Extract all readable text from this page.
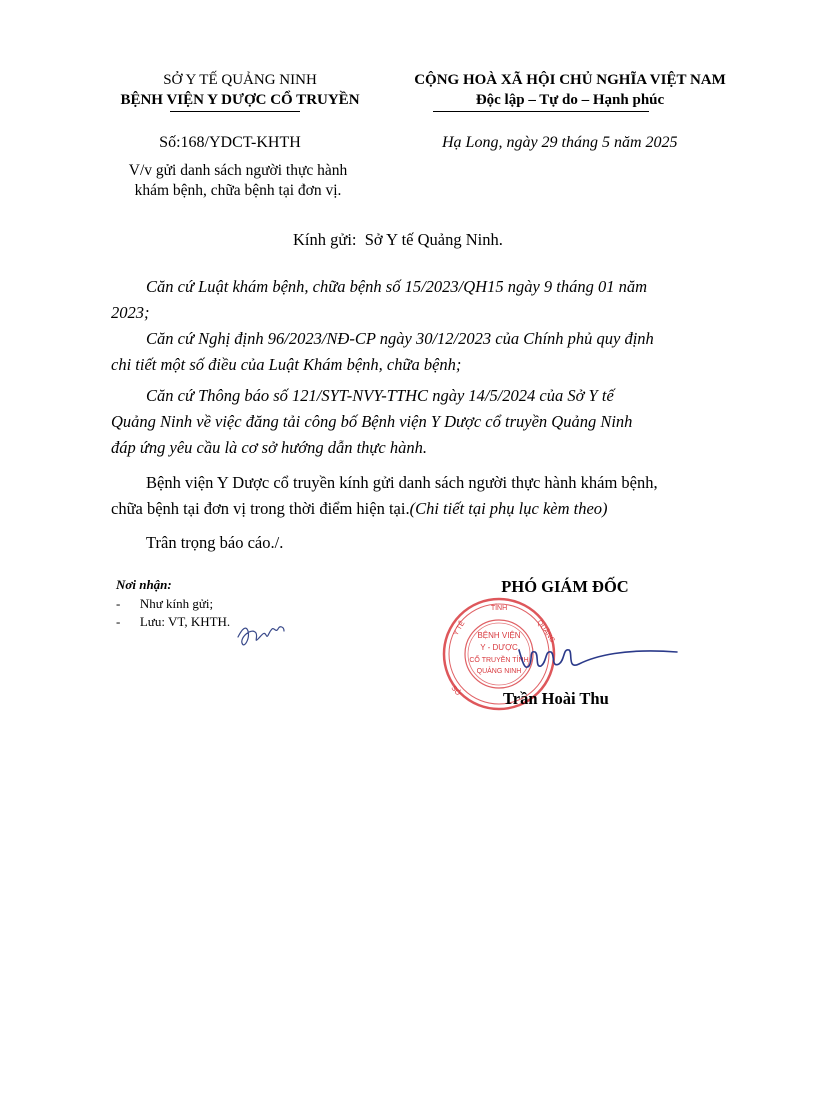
SỞ Y TẾ QUẢNG NINH
BỆNH VIỆN Y DƯỢC CỔ TRUYỀN
CỘNG HOÀ XÃ HỘI CHỦ NGHĨA VIỆT NAM
Độc lập – Tự do – Hạnh phúc
Số:168/YDCT-KHTH	Hạ Long, ngày 29 tháng 5 năm 2025
V/v gửi danh sách người thực hành
khám bệnh, chữa bệnh tại đơn vị.
Kính gửi: Sở Y tế Quảng Ninh.
Căn cứ Luật khám bệnh, chữa bệnh số 15/2023/QH15 ngày 9 tháng 01 năm
2023;
Căn cứ Nghị định 96/2023/NĐ-CP ngày 30/12/2023 của Chính phủ quy định
chi tiết một số điều của Luật Khám bệnh, chữa bệnh;
Căn cứ Thông báo số 121/SYT-NVY-TTHC ngày 14/5/2024 của Sở Y tế
Quảng Ninh về việc đăng tải công bố Bệnh viện Y Dược cổ truyền Quảng Ninh
đáp ứng yêu cầu là cơ sở hướng dẫn thực hành.
Bệnh viện Y Dược cổ truyền kính gửi danh sách người thực hành khám bệnh,
chữa bệnh tại đơn vị trong thời điểm hiện tại.(Chi tiết tại phụ lục kèm theo)
Trân trọng báo cáo./.
Nơi nhận:
-      Như kính gửi;
-      Lưu: VT, KHTH.
PHÓ GIÁM ĐỐC
TỈNH
Y TẾ
SỞ
QUẢNG
BỆNH VIỆN
Y - DƯỢC
CỔ TRUYỀN TỈNH
QUẢNG NINH
Trần Hoài Thu
